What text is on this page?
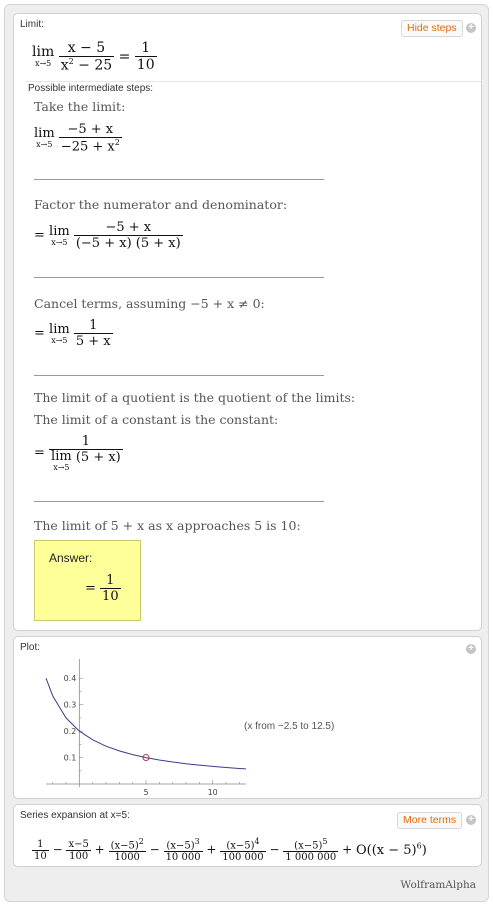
Limit:	Hide steps	+
lim
x→5
$\frac{x - 5}{x^2 - 25} = \frac{1}{10}$
Possible intermediate steps:
Take the limit:
lim
x→5
$\frac{-5 + x}{-25 + x^2}$
Factor the numerator and denominator:
= lim
x→5
$\frac{-5 + x}{(-5 + x) (5 + x)}$
Cancel terms, assuming −5 + x ≠ 0:
= lim
x→5
$\frac{1}{5 + x}$
The limit of a quotient is the quotient of the limits:
The limit of a constant is the constant:
= 1
lim
x→5
(5 + x)
The limit of 5 + x as x approaches 5 is 10:
Answer:
= $\frac{1}{10}$
Plot:	+
5	10
0.1
0.2
0.3
0.4
(x from −2.5 to 12.5)
Series expansion at x=5:	More terms	+
$\frac{1}{10} - \frac{x-5}{100} + \frac{(x-5)^2}{1000} - \frac{(x-5)^3}{10 000} + \frac{(x-5)^4}{100 000} - \frac{(x-5)^5}{1 000 000} + O((x - 5)^6)$
WolframAlpha
